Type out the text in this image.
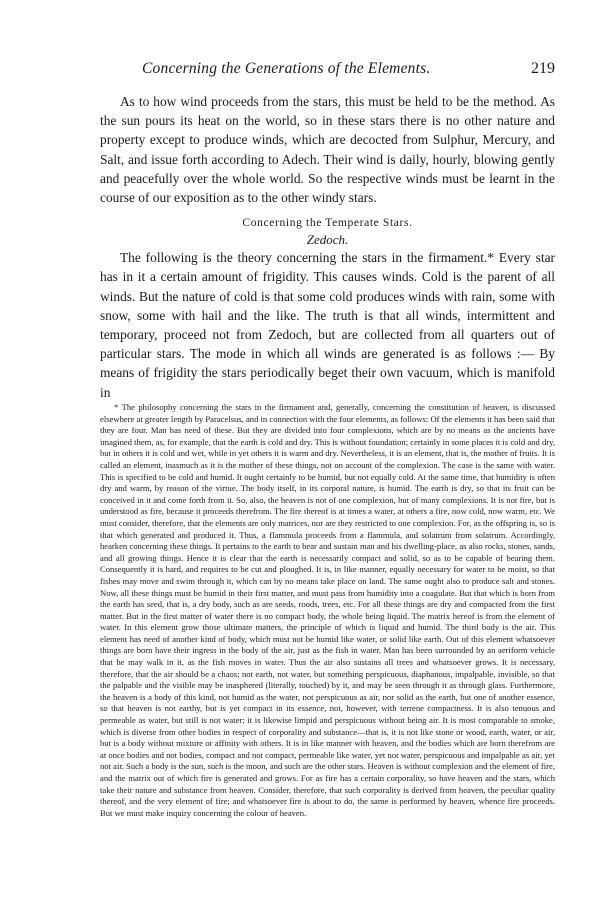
Concerning the Generations of the Elements.	219

As to how wind proceeds from the stars, this must be held to be the method. As the sun pours its heat on the world, so in these stars there is no other nature and property except to produce winds, which are decocted from Sulphur, Mercury, and Salt, and issue forth according to Adech. Their wind is daily, hourly, blowing gently and peacefully over the whole world. So the respective winds must be learnt in the course of our exposition as to the other windy stars.

Concerning the Temperate Stars.
Zedoch.

The following is the theory concerning the stars in the firmament.* Every star has in it a certain amount of frigidity. This causes winds. Cold is the parent of all winds. But the nature of cold is that some cold produces winds with rain, some with snow, some with hail and the like. The truth is that all winds, intermittent and temporary, proceed not from Zedoch, but are collected from all quarters out of particular stars. The mode in which all winds are generated is as follows :— By means of frigidity the stars periodically beget their own vacuum, which is manifold in

* The philosophy concerning the stars in the firmament and, generally, concerning the constitution of heaven, is discussed elsewhere at greater length by Paracelsus, and in connection with the four elements, as follows: Of the elements it has been said that they are four. Man has need of these. But they are divided into four complexions, which are by no means as the ancients have imagined them, as, for example, that the earth is cold and dry. This is without foundation; certainly in some places it is cold and dry, but in others it is cold and wet, while in yet others it is warm and dry. Nevertheless, it is an element, that is, the mother of fruits. It is called an element, inasmuch as it is the mother of these things, not on account of the complexion. The case is the same with water. This is specified to be cold and humid. It ought certainly to be humid, but not equally cold. At the same time, that humidity is often dry and warm, by reason of the virtue. The body itself, in its corporal nature, is humid. The earth is dry, so that its fruit can be conceived in it and come forth from it. So, also, the heaven is not of one complexion, but of many complexions. It is not fire, but is understood as fire, because it proceeds therefrom. The fire thereof is at times a water, at others a fire, now cold, now warm, etc. We must consider, therefore, that the elements are only matrices, nor are they restricted to one complexion. For, as the offspring is, so is that which generated and produced it. Thus, a flammula proceeds from a flammula, and solatrum from solatrum. Accordingly, hearken concerning these things. It pertains to the earth to bear and sustain man and his dwelling-place, as also rocks, stones, sands, and all growing things. Hence it is clear that the earth is necessarily compact and solid, so as to be capable of bearing them. Consequently it is hard, and requires to be cut and ploughed. It is, in like manner, equally necessary for water to be moist, so that fishes may move and swim through it, which can by no means take place on land. The same ought also to produce salt and stones. Now, all these things must be humid in their first matter, and must pass from humidity into a coagulate. But that which is born from the earth has seed, that is, a dry body, such as are seeds, roods, trees, etc. For all these things are dry and compacted from the first matter. But in the first matter of water there is no compact body, the whole being liquid. The matrix hereof is from the element of water. In this element grow those ultimate matters, the principle of which is liquid and humid. The third body is the air. This element has need of another kind of body, which must not be humid like water, or solid like earth. Out of this element whatsoever things are born have their ingress in the body of the air, just as the fish in water. Man has been surrounded by an aeriform vehicle that he may walk in it, as the fish moves in water. Thus the air also sustains all trees and whatsoever grows. It is necessary, therefore, that the air should be a chaos; not earth, not water, but something perspicuous, diaphanous, impalpable, invisible, so that the palpable and the visible may be inasphered (literally, touched) by it, and may be seen through it as through glass. Furthermore, the heaven is a body of this kind, not humid as the water, not perspicuous as air, nor solid as the earth, but one of another essence, so that heaven is not earthy, but is yet compact in its essence, not, however, with terrene compactness. It is also tenuous and permeable as water, but still is not water; it is likewise limpid and perspicuous without being air. It is most comparable to smoke, which is diverse from other bodies in respect of corporality and substance—that is, it is not like stone or wood, earth, water, or air, but is a body without mixture or affinity with others. It is in like manner with heaven, and the bodies which are born therefrom are at once bodies and not bodies, compact and not compact, permeable like water, yet not water, perspicuous and impalpable as air, yet not air. Such a body is the sun, such is the moon, and such are the other stars. Heaven is without complexion and the element of fire, and the matrix out of which fire is generated and grows. For as fire has a certain corporality, so have heaven and the stars, which take their nature and substance from heaven. Consider, therefore, that such corporality is derived from heaven, the peculiar quality thereof, and the very element of fire; and whatsoever fire is about to do, the same is performed by heaven, whence fire proceeds. But we must make inquiry concerning the colour of heaven.
